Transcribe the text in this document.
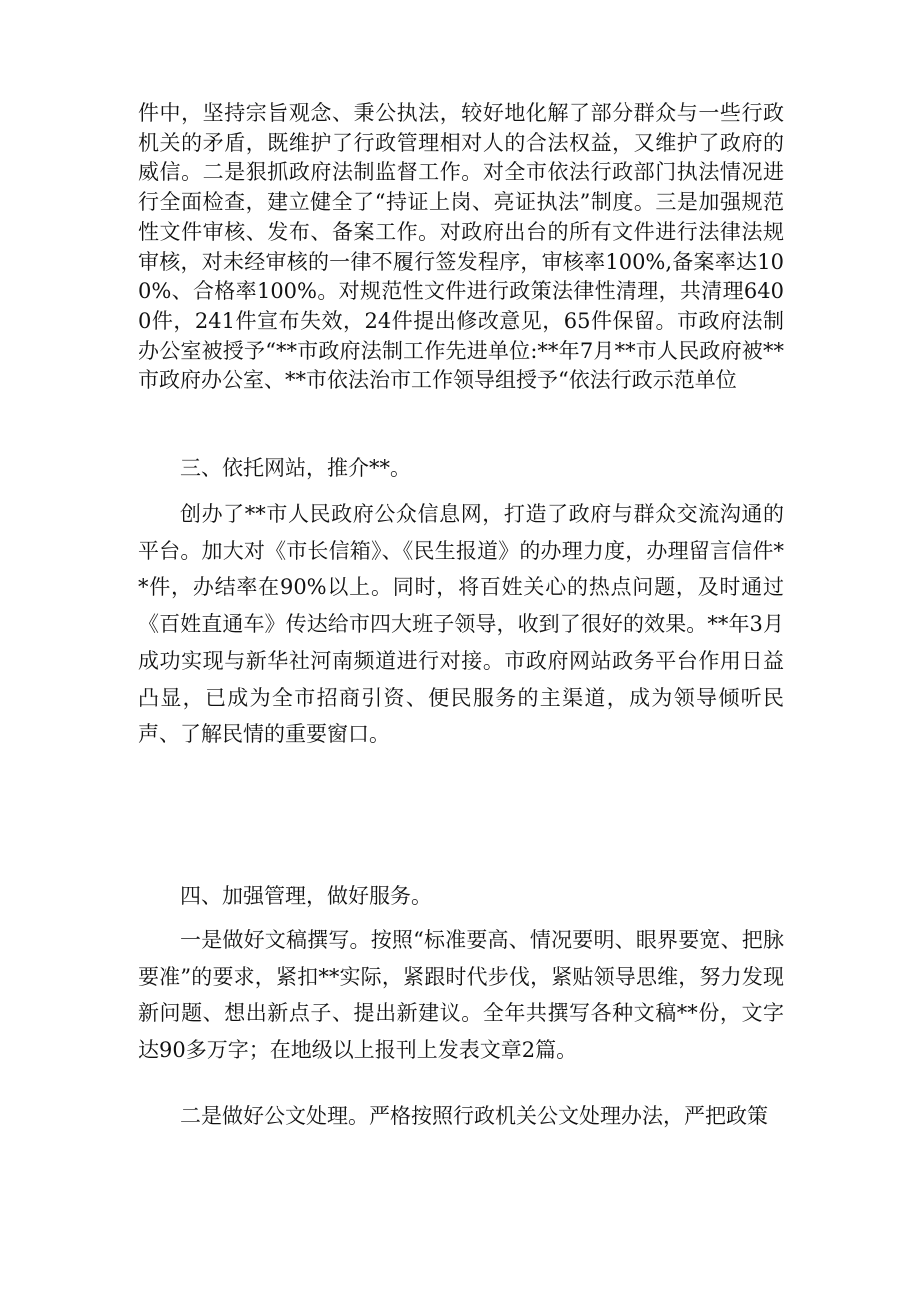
件中，坚持宗旨观念、秉公执法，较好地化解了部分群众与一些行政机关的矛盾，既维护了行政管理相对人的合法权益，又维护了政府的威信。二是狠抓政府法制监督工作。对全市依法行政部门执法情况进行全面检查，建立健全了“持证上岗、亮证执法”制度。三是加强规范性文件审核、发布、备案工作。对政府出台的所有文件进行法律法规审核，对未经审核的一律不履行签发程序，审核率100%,备案率达100%、合格率100%。对规范性文件进行政策法律性清理，共清理6400件，241件宣布失效，24件提出修改意见，65件保留。市政府法制办公室被授予“**市政府法制工作先进单位:**年7月**市人民政府被**市政府办公室、**市依法治市工作领导组授予“依法行政示范单位

三、依托网站，推介**。

创办了**市人民政府公众信息网，打造了政府与群众交流沟通的平台。加大对《市长信箱》、《民生报道》的办理力度，办理留言信件**件，办结率在90%以上。同时，将百姓关心的热点问题，及时通过《百姓直通车》传达给市四大班子领导，收到了很好的效果。**年3月成功实现与新华社河南频道进行对接。市政府网站政务平台作用日益凸显，已成为全市招商引资、便民服务的主渠道，成为领导倾听民声、了解民情的重要窗口。

四、加强管理，做好服务。

一是做好文稿撰写。按照“标准要高、情况要明、眼界要宽、把脉要准”的要求，紧扣**实际，紧跟时代步伐，紧贴领导思维，努力发现新问题、想出新点子、提出新建议。全年共撰写各种文稿**份，文字达90多万字；在地级以上报刊上发表文章2篇。

二是做好公文处理。严格按照行政机关公文处理办法，严把政策
